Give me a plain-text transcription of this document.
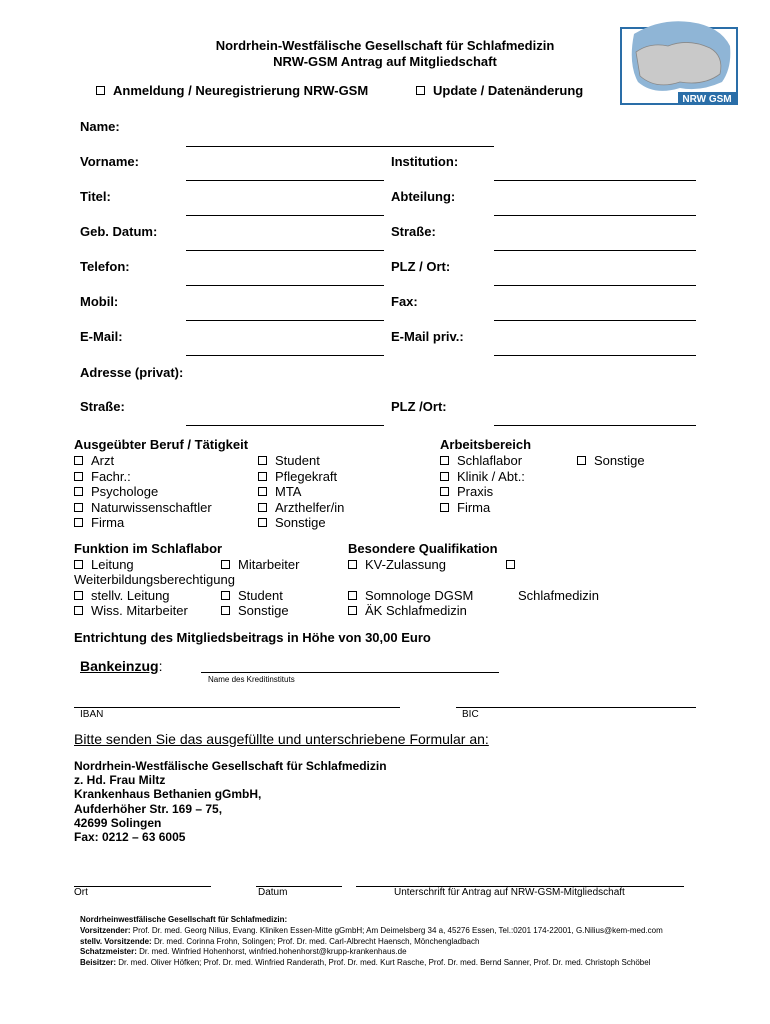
NRW GSM
Nordrhein-Westfälische Gesellschaft für Schlafmedizin
NRW-GSM Antrag auf Mitgliedschaft
Anmeldung / Neuregistrierung NRW-GSM	Update / Datenänderung
Name:
Vorname:	Institution:
Titel:	Abteilung:
Geb. Datum:	Straße:
Telefon:	PLZ / Ort:
Mobil:	Fax:
E-Mail:	E-Mail priv.:
Adresse (privat):
Straße:	PLZ /Ort:
Ausgeübter Beruf / Tätigkeit
Arzt
Fachr.:
Psychologe
Naturwissenschaftler
Firma
Student
Pflegekraft
MTA
Arzthelfer/in
Sonstige
Arbeitsbereich
Schlaflabor
Klinik / Abt.:
Praxis
Firma
Sonstige
Funktion im Schlaflabor
Leitung	Mitarbeiter
Weiterbildungsberechtigung
stellv. Leitung	Student
Wiss. Mitarbeiter	Sonstige
Besondere Qualifikation
KV-Zulassung
Somnologe DGSM	Schlafmedizin
ÄK Schlafmedizin
Entrichtung des Mitgliedsbeitrags in Höhe von 30,00 Euro
Bankeinzug:
Name des Kreditinstituts
IBAN	BIC
Bitte senden Sie das ausgefüllte und unterschriebene Formular an:
Nordrhein-Westfälische Gesellschaft für Schlafmedizin
z. Hd. Frau Miltz
Krankenhaus Bethanien gGmbH,
Aufderhöher Str. 169 – 75,
42699 Solingen
Fax: 0212 – 63 6005
Ort	Datum	Unterschrift für Antrag auf NRW-GSM-Mitgliedschaft
Nordrheinwestfälische Gesellschaft für Schlafmedizin:
Vorsitzender: Prof. Dr. med. Georg Nilius, Evang. Kliniken Essen-Mitte gGmbH; Am Deimelsberg 34 a, 45276 Essen, Tel.:0201 174-22001, G.Nilius@kem-med.com
stellv. Vorsitzende: Dr. med. Corinna Frohn, Solingen; Prof. Dr. med. Carl-Albrecht Haensch, Mönchengladbach
Schatzmeister: Dr. med. Winfried Hohenhorst, winfried.hohenhorst@krupp-krankenhaus.de
Beisitzer: Dr. med. Oliver Höfken; Prof. Dr. med. Winfried Randerath, Prof. Dr. med. Kurt Rasche, Prof. Dr. med. Bernd Sanner, Prof. Dr. med. Christoph Schöbel
